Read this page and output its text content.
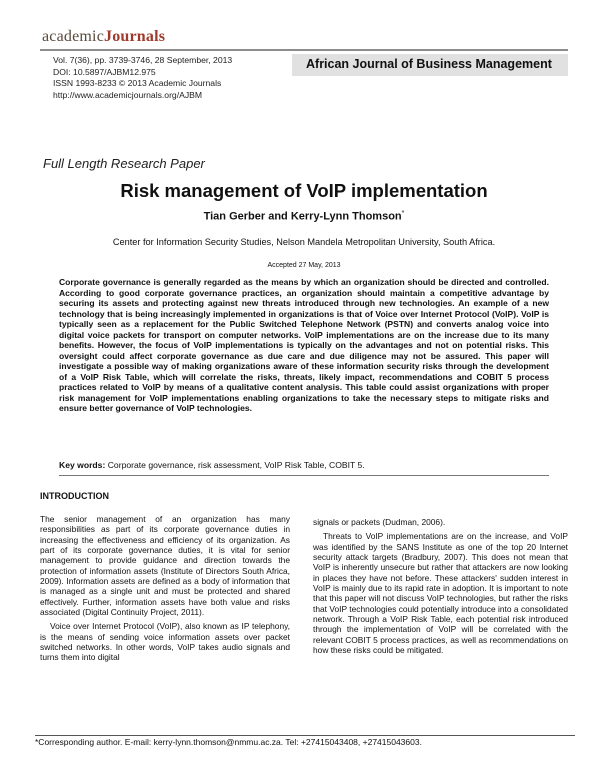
academicJournals
Vol. 7(36), pp. 3739-3746, 28 September, 2013
DOI: 10.5897/AJBM12.975
ISSN 1993-8233 © 2013 Academic Journals
http://www.academicjournals.org/AJBM
African Journal of Business Management
Full Length Research Paper
Risk management of VoIP implementation
Tian Gerber and Kerry-Lynn Thomson*
Center for Information Security Studies, Nelson Mandela Metropolitan University, South Africa.
Accepted 27 May, 2013
Corporate governance is generally regarded as the means by which an organization should be directed and controlled. According to good corporate governance practices, an organization should maintain a competitive advantage by securing its assets and protecting against new threats introduced through new technologies. An example of a new technology that is being increasingly implemented in organizations is that of Voice over Internet Protocol (VoIP). VoIP is typically seen as a replacement for the Public Switched Telephone Network (PSTN) and converts analog voice into digital voice packets for transport on computer networks. VoIP implementations are on the increase due to its many benefits. However, the focus of VoIP implementations is typically on the advantages and not on potential risks. This oversight could affect corporate governance as due care and due diligence may not be assured. This paper will investigate a possible way of making organizations aware of these information security risks through the development of a VoIP Risk Table, which will correlate the risks, threats, likely impact, recommendations and COBIT 5 process practices related to VoIP by means of a qualitative content analysis. This table could assist organizations with proper risk management for VoIP implementations enabling organizations to take the necessary steps to mitigate risks and ensure better governance of VoIP technologies.
Key words: Corporate governance, risk assessment, VoIP Risk Table, COBIT 5.
INTRODUCTION

The senior management of an organization has many responsibilities as part of its corporate governance duties in increasing the effectiveness and efficiency of its organization. As part of its corporate governance duties, it is vital for senior management to provide guidance and direction towards the protection of information assets (Institute of Directors South Africa, 2009). Information assets are defined as a body of information that is managed as a single unit and must be protected and shared effectively. Further, information assets have both value and risks associated (Digital Continuity Project, 2011).

Voice over Internet Protocol (VoIP), also known as IP telephony, is the means of sending voice information assets over packet switched networks. In other words, VoIP takes audio signals and turns them into digital

signals or packets (Dudman, 2006).

Threats to VoIP implementations are on the increase, and VoIP was identified by the SANS Institute as one of the top 20 Internet security attack targets (Bradbury, 2007). This does not mean that VoIP is inherently unsecure but rather that attackers are now looking in places they have not before. These attackers' sudden interest in VoIP is mainly due to its rapid rate in adoption. It is important to note that this paper will not discuss VoIP technologies, but rather the risks that VoIP technologies could potentially introduce into a consolidated network. Through a VoIP Risk Table, each potential risk introduced through the implementation of VoIP will be correlated with the relevant COBIT 5 process practices, as well as recommendations on how these risks could be mitigated.

*Corresponding author. E-mail: kerry-lynn.thomson@nmmu.ac.za. Tel: +27415043408, +27415043603.
